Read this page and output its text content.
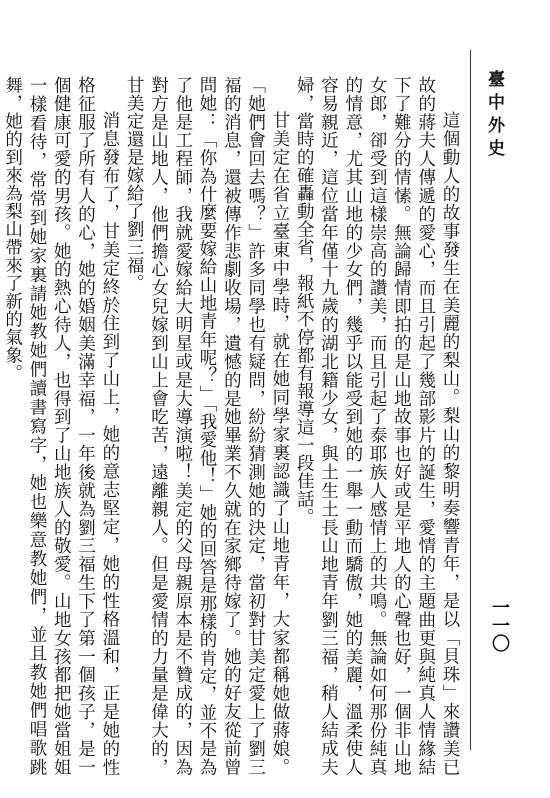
臺中外史
一一〇

這個動人的故事發生在美麗的梨山。梨山的黎明奏響青年，是以「貝珠」來讚美已故的蔣夫人傳遞的愛心，而且引起了幾部影片的誕生，愛情的主題曲更與純真人情緣結下了難分的情愫。無論歸情即拍的是山地故事也好或是平地人的心聲也好，一個非山地女郎，卻受到這樣崇高的讚美，而且引起了泰耶族人感情上的共鳴。無論如何那份純真的情意，尤其山地的少女們，幾乎以能受到她的一舉一動而驕傲，她的美麗，溫柔使人容易親近，這位當年僅十九歲的湖北籍少女，與土生土長山地青年劉三福，稍人結成夫婦，當時的確轟動全省，報紙不停都有報導這一段佳話。

甘美定在省立臺東中學時，就在她同學家裏認識了山地青年，大家都稱她做蔣娘。「她們會回去嗎？」許多同學也有疑問，紛紛猜測她的決定，當初對甘美定愛上了劉三福的消息，還被傳作悲劇收場，遺憾的是她畢業不久就在家鄉待嫁了。她的好友從前曾問她：「你為什麼要嫁給山地青年呢？」「我愛他！」她的回答是那樣的肯定，並不是為了他是工程師，我就愛嫁給大明星或是大導演啦！美定的父母親原本是不贊成的，因為對方是山地人，他們擔心女兒嫁到山上會吃苦，遠離親人。但是愛情的力量是偉大的，甘美定還是嫁給了劉三福。

消息發布了，甘美定終於住到了山上，她的意志堅定，她的性格溫和，正是她的性格征服了所有人的心，她的婚姻美滿幸福，一年後就為劉三福生下了第一個孩子，是一個健康可愛的男孩。她的熱心待人，也得到了山地族人的敬愛。山地女孩都把她當姐姐一樣看待，常常到她家裏請她教她們讀書寫字，她也樂意教她們，並且教她們唱歌跳舞，她的到來為梨山帶來了新的氣象。
